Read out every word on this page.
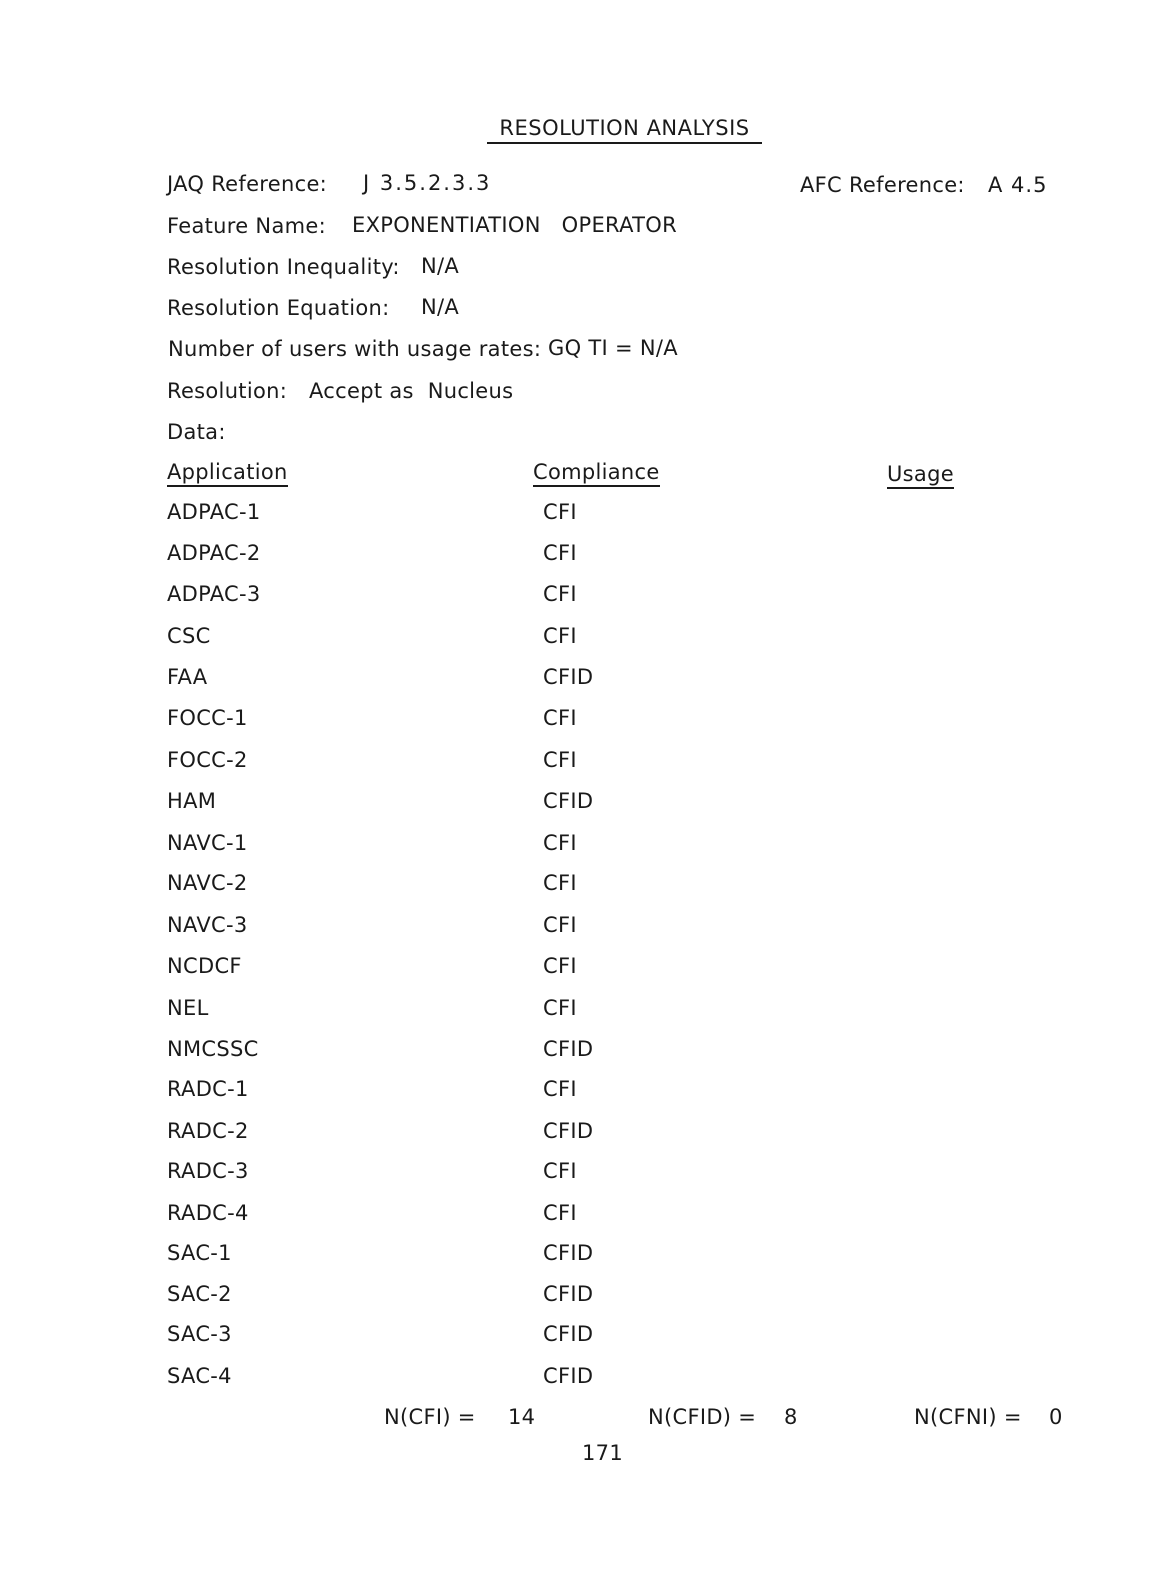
RESOLUTION ANALYSIS
JAQ Reference: J 3.5.2.3.3	AFC Reference: A 4.5
Feature Name: EXPONENTIATION   OPERATOR
Resolution Inequality: N/A
Resolution Equation: N/A
Number of users with usage rates: GQ TI = N/A
Resolution: Accept as  Nucleus
Data:
Application	Compliance	Usage
ADPAC-1	CFI
ADPAC-2	CFI
ADPAC-3	CFI
CSC	CFI
FAA	CFID
FOCC-1	CFI
FOCC-2	CFI
HAM	CFID
NAVC-1	CFI
NAVC-2	CFI
NAVC-3	CFI
NCDCF	CFI
NEL	CFI
NMCSSC	CFID
RADC-1	CFI
RADC-2	CFID
RADC-3	CFI
RADC-4	CFI
SAC-1	CFID
SAC-2	CFID
SAC-3	CFID
SAC-4	CFID
N(CFI) = 14	N(CFID) = 8	N(CFNI) = 0
171
